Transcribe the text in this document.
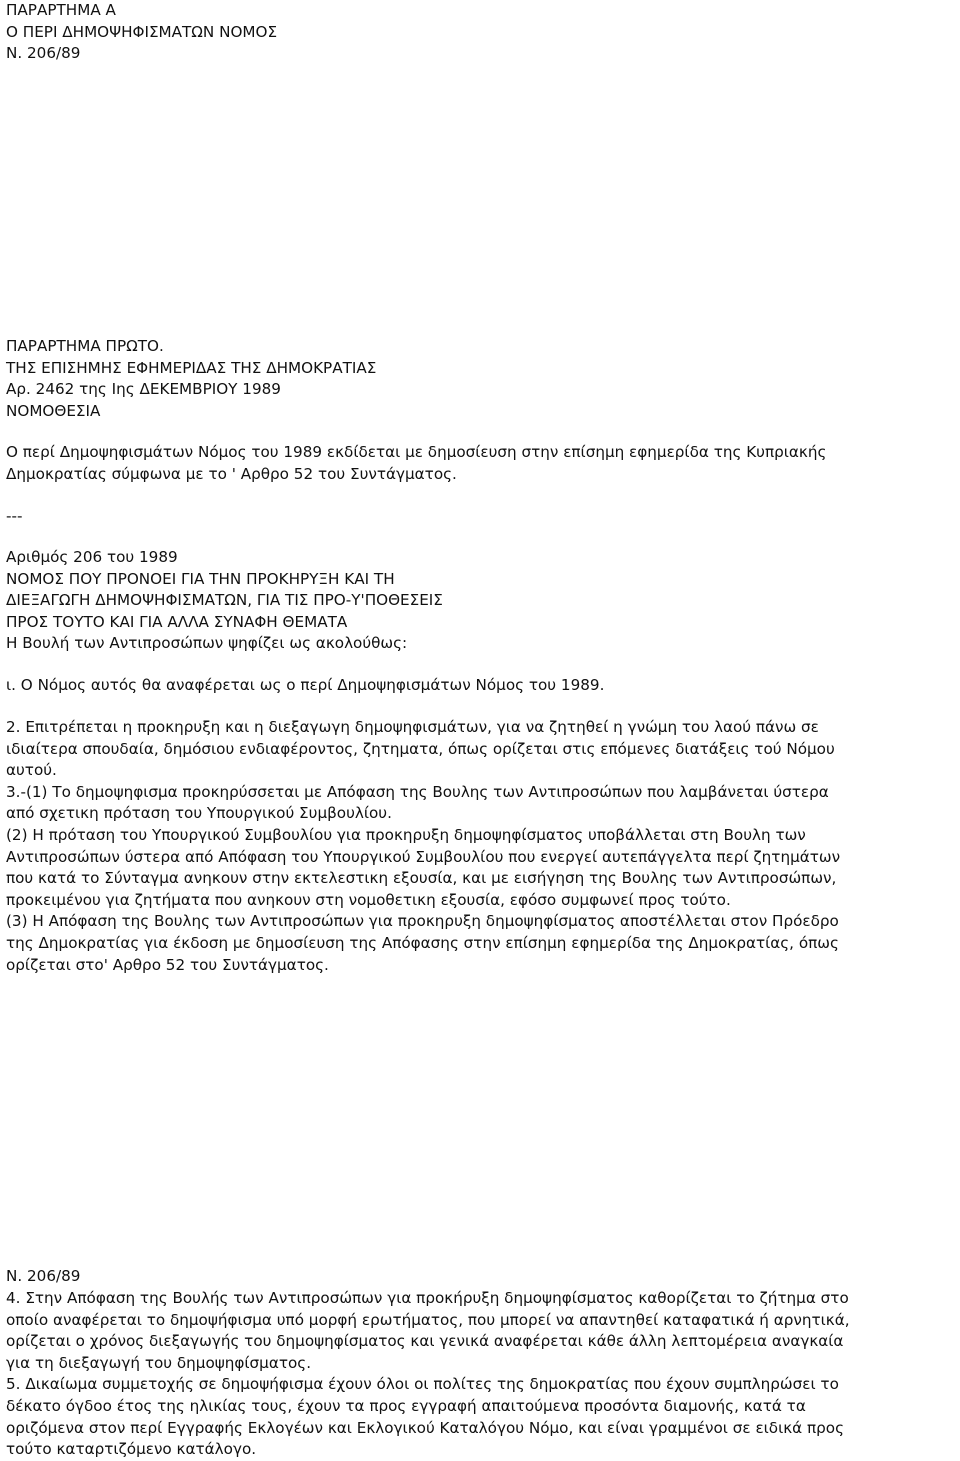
ΠΑΡΑΡΤΗΜΑ Α
Ο ΠΕΡΙ ΔΗΜΟΨΗΦΙΣΜΑΤΩΝ ΝΟΜΟΣ
Ν. 206/89
ΠΑΡΑΡΤΗΜΑ ΠΡΩΤΟ.
ΤΗΣ ΕΠΙΣΗΜΗΣ ΕΦΗΜΕΡΙΔΑΣ ΤΗΣ ΔΗΜΟΚΡΑΤΙΑΣ
Αρ. 2462 της Ιης ΔΕΚΕΜΒΡΙΟΥ 1989
ΝΟΜΟΘΕΣΙΑ
Ο περί Δημοψηφισμάτων Νόμος του 1989 εκδίδεται με δημοσίευση στην επίσημη εφημερίδα της Κυπριακής
Δημοκρατίας σύμφωνα με το ' Αρθρο 52 του Συντάγματος.
---
Αριθμός 206 του 1989
ΝΟΜΟΣ ΠΟΥ ΠΡΟΝΟΕΙ ΓΙΑ ΤΗΝ ΠΡΟΚΗΡΥΞΗ ΚΑΙ ΤΗ
ΔΙΕΞΑΓΩΓΗ ΔΗΜΟΨΗΦΙΣΜΑΤΩΝ, ΓΙΑ ΤΙΣ ΠΡΟ-Υ'ΠΟΘΕΣΕΙΣ
ΠΡΟΣ ΤΟΥΤΟ ΚΑΙ ΓΙΑ ΑΛΛΑ ΣΥΝΑΦΗ ΘΕΜΑΤΑ
Η Βουλή των Αντιπροσώπων ψηφίζει ως ακολούθως:
ι. Ο Νόμος αυτός θα αναφέρεται ως ο περί Δημοψηφισμάτων Νόμος του 1989.
2. Επιτρέπεται η προκηρυξη και η διεξαγωγη δημοψηφισμάτων, για να ζητηθεί η γνώμη του λαού πάνω σε
ιδιαίτερα σπουδαία, δημόσιου ενδιαφέροντος, ζητηματα, όπως ορίζεται στις επόμενες διατάξεις τού Νόμου
αυτού.
3.-(1) Το δημοψηφισμα προκηρύσσεται με Απόφαση της Βουλης των Αντιπροσώπων που λαμβάνεται ύστερα
από σχετικη πρόταση του Υπουργικού Συμβουλίου.
(2) Η πρόταση του Υπουργικού Συμβουλίου για προκηρυξη δημοψηφίσματος υποβάλλεται στη Βουλη των
Αντιπροσώπων ύστερα από Απόφαση του Υπουργικού Συμβουλίου που ενεργεί αυτεπάγγελτα περί ζητημάτων
που κατά το Σύνταγμα ανηκουν στην εκτελεστικη εξουσία, και με εισήγηση της Βουλης των Αντιπροσώπων,
προκειμένου για ζητήματα που ανηκουν στη νομοθετικη εξουσία, εφόσο συμφωνεί προς τούτο.
(3) Η Απόφαση της Βουλης των Αντιπροσώπων για προκηρυξη δημοψηφίσματος αποστέλλεται στον Πρόεδρο
της Δημοκρατίας για έκδοση με δημοσίευση της Απόφασης στην επίσημη εφημερίδα της Δημοκρατίας, όπως
ορίζεται στο' Αρθρο 52 του Συντάγματος.
Ν. 206/89
4. Στην Απόφαση της Βουλής των Αντιπροσώπων για προκήρυξη δημοψηφίσματος καθορίζεται το ζήτημα στο
οποίο αναφέρεται το δημοψήφισμα υπό μορφή ερωτήματος, που μπορεί να απαντηθεί καταφατικά ή αρνητικά,
ορίζεται ο χρόνος διεξαγωγής του δημοψηφίσματος και γενικά αναφέρεται κάθε άλλη λεπτομέρεια αναγκαία
για τη διεξαγωγή του δημοψηφίσματος.
5. Δικαίωμα συμμετοχής σε δημοψήφισμα έχουν όλοι οι πολίτες της δημοκρατίας που έχουν συμπληρώσει το
δέκατο όγδοο έτος της ηλικίας τους, έχουν τα προς εγγραφή απαιτούμενα προσόντα διαμονής, κατά τα
οριζόμενα στον περί Εγγραφής Εκλογέων και Εκλογικού Καταλόγου Νόμο, και είναι γραμμένοι σε ειδικά προς
τούτο καταρτιζόμενο κατάλογο.
